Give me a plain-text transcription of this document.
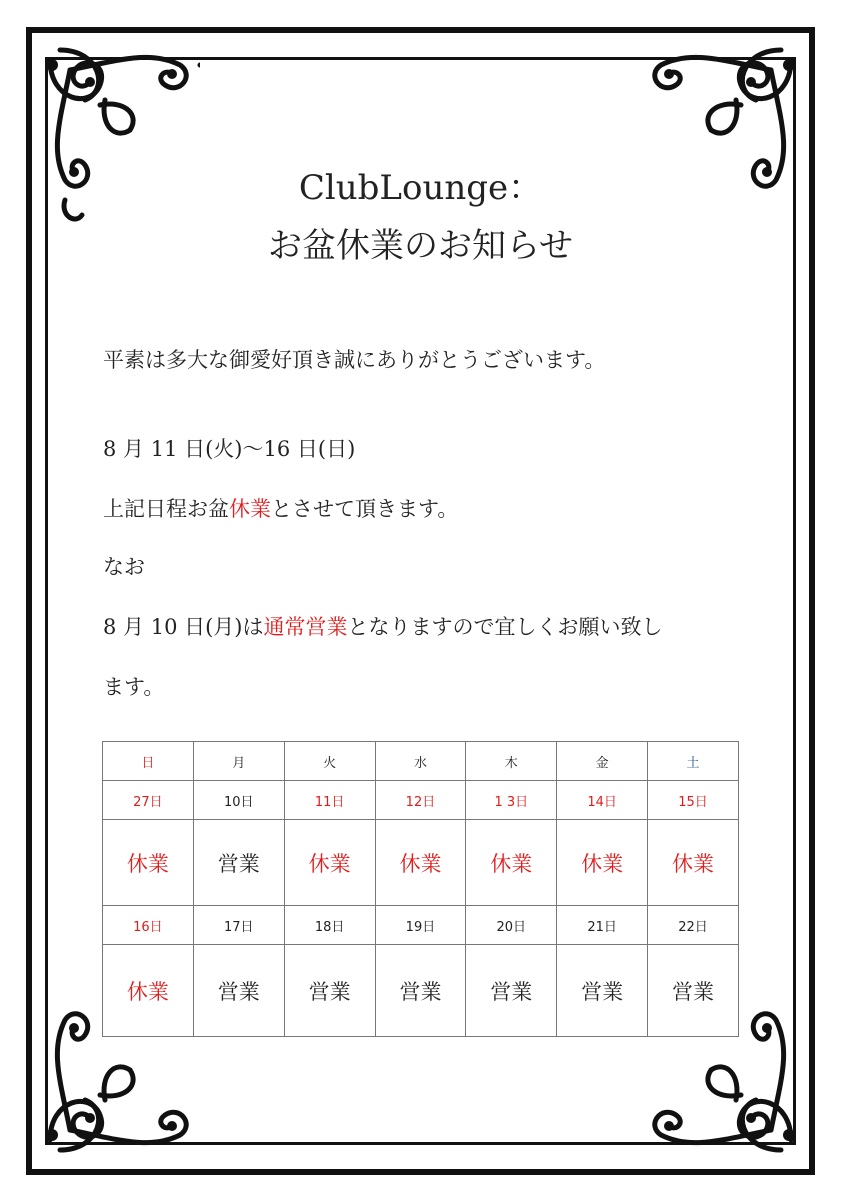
ClubLounge：
お盆休業のお知らせ
平素は多大な御愛好頂き誠にありがとうございます。
8 月 11 日(火)〜16 日(日)
上記日程お盆休業とさせて頂きます。
なお
8 月 10 日(月)は通常営業となりますので宜しくお願い致し
ます。
日	月	火	水	木	金	土
27日	10日	11日	12日	1 3日	14日	15日
休業	営業	休業	休業	休業	休業	休業
16日	17日	18日	19日	20日	21日	22日
休業	営業	営業	営業	営業	営業	営業
